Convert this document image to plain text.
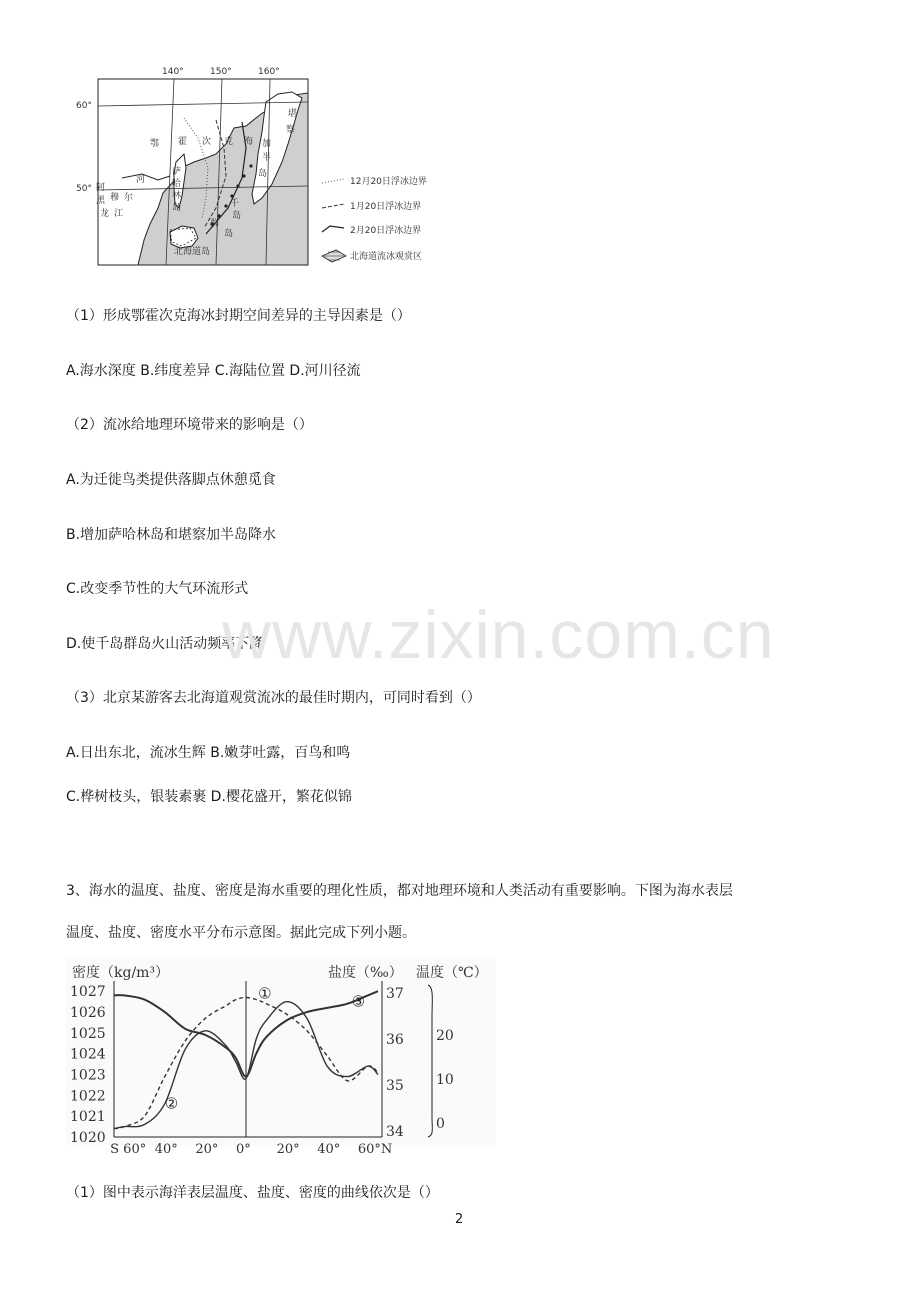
140°	150°	160°
60°
50°
鄂 霍 次 克 海
萨
哈
林
岛
堪
察
加
半
岛
千
岛
群
岛
阿
黑 穆 尔
龙 江
河
北海道岛
12月20日浮冰边界
1月20日浮冰边界
2月20日浮冰边界
北海道流冰观赏区
（1）形成鄂霍次克海冰封期空间差异的主导因素是（）
A.海水深度 B.纬度差异 C.海陆位置 D.河川径流
（2）流冰给地理环境带来的影响是（）
A.为迁徙鸟类提供落脚点休憩觅食
B.增加萨哈林岛和堪察加半岛降水
C.改变季节性的大气环流形式
D.使千岛群岛火山活动频率下降
（3）北京某游客去北海道观赏流冰的最佳时期内，可同时看到（）
A.日出东北，流冰生辉 B.嫩芽吐露，百鸟和鸣
C.桦树枝头，银装素裹 D.樱花盛开，繁花似锦
www.zixin.com.cn
3、海水的温度、盐度、密度是海水重要的理化性质，都对地理环境和人类活动有重要影响。下图为海水表层
温度、盐度、密度水平分布示意图。据此完成下列小题。
密度（kg/m³）	盐度（‰） 温度（℃）
1027
1026
1025
1024
1023
1022
1021
1020
37
36
35
34
20
10
0
S 60° 40° 20° 0° 20° 40° 60°N
①
②
③
（1）图中表示海洋表层温度、盐度、密度的曲线依次是（）
2
